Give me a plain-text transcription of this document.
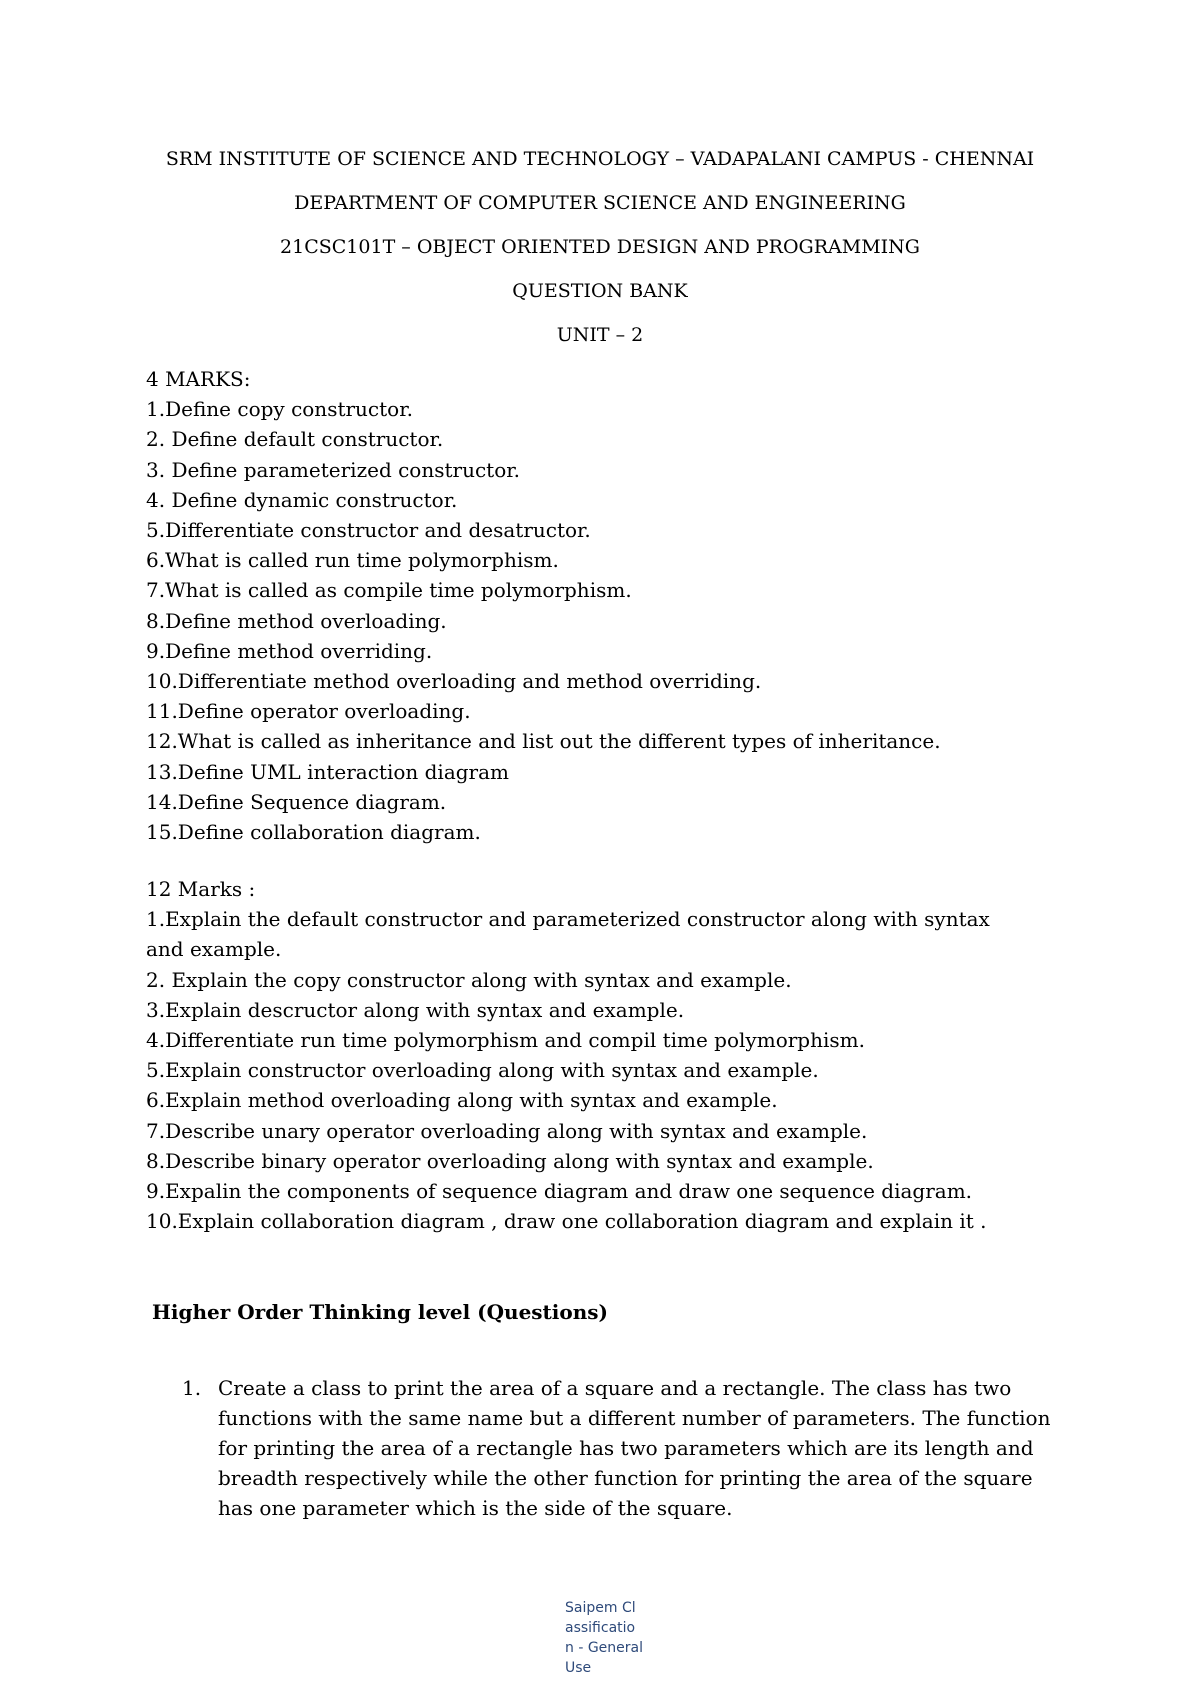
SRM INSTITUTE OF SCIENCE AND TECHNOLOGY – VADAPALANI CAMPUS - CHENNAI
DEPARTMENT OF COMPUTER SCIENCE AND ENGINEERING
21CSC101T – OBJECT ORIENTED DESIGN AND PROGRAMMING
QUESTION BANK
UNIT – 2
4 MARKS:
1.Define copy constructor.
2. Define default constructor.
3. Define parameterized constructor.
4. Define dynamic constructor.
5.Differentiate constructor and desatructor.
6.What is called run time polymorphism.
7.What is called as compile time polymorphism.
8.Define method overloading.
9.Define method overriding.
10.Differentiate method overloading and method overriding.
11.Define operator overloading.
12.What is called as inheritance and list out the different types of inheritance.
13.Define UML interaction diagram
14.Define Sequence diagram.
15.Define collaboration diagram.
12 Marks :
1.Explain the default constructor and parameterized constructor along with syntax and example.
2. Explain the copy constructor along with syntax and example.
3.Explain descructor along with syntax and example.
4.Differentiate run time polymorphism and compil time polymorphism.
5.Explain constructor overloading along with syntax and example.
6.Explain method overloading along with syntax and example.
7.Describe unary operator overloading along with syntax and example.
8.Describe binary operator overloading along with syntax and example.
9.Expalin the components of sequence diagram and draw one sequence diagram.
10.Explain collaboration diagram , draw one collaboration diagram and explain it .
Higher Order Thinking level (Questions)
1. Create a class to print the area of a square and a rectangle. The class has two functions with the same name but a different number of parameters. The function for printing the area of a rectangle has two parameters which are its length and breadth respectively while the other function for printing the area of the square has one parameter which is the side of the square.
Saipem Classification - General Use
